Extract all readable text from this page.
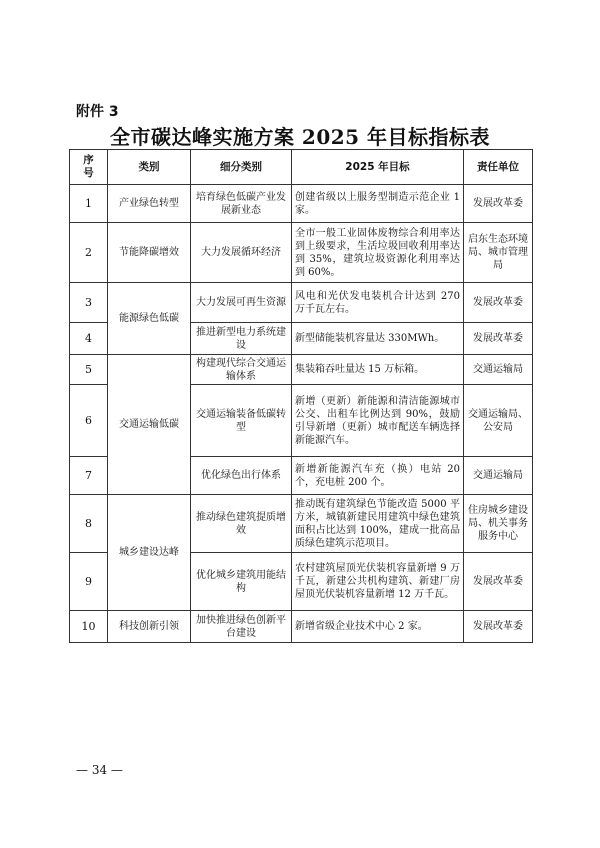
附件 3
全市碳达峰实施方案 2025 年目标指标表
序
号	类别	细分类别	2025 年目标	责任单位
1	产业绿色转型	培育绿色低碳产业发展新业态	创建省级以上服务型制造示范企业 1 家。	发展改革委
2	节能降碳增效	大力发展循环经济	全市一般工业固体废物综合利用率达到上级要求，生活垃圾回收利用率达到 35%，建筑垃圾资源化利用率达到 60%。	启东生态环境局、城市管理局
3	能源绿色低碳	大力发展可再生资源	风电和光伏发电装机合计达到 270 万千瓦左右。	发展改革委
4		推进新型电力系统建设	新型储能装机容量达 330MWh。	发展改革委
5	交通运输低碳	构建现代综合交通运输体系	集装箱吞吐量达 15 万标箱。	交通运输局
6		交通运输装备低碳转型	新增（更新）新能源和清洁能源城市公交、出租车比例达到 90%，鼓励引导新增（更新）城市配送车辆选择新能源汽车。	交通运输局、公安局
7		优化绿色出行体系	新增新能源汽车充（换）电站 20 个，充电桩 200 个。	交通运输局
8	城乡建设达峰	推动绿色建筑提质增效	推动既有建筑绿色节能改造 5000 平方米，城镇新建民用建筑中绿色建筑面积占比达到 100%，建成一批高品质绿色建筑示范项目。	住房城乡建设局、机关事务服务中心
9		优化城乡建筑用能结构	农村建筑屋顶光伏装机容量新增 9 万千瓦，新建公共机构建筑、新建厂房屋顶光伏装机容量新增 12 万千瓦。	发展改革委
10	科技创新引领	加快推进绿色创新平台建设	新增省级企业技术中心 2 家。	发展改革委
— 34 —
